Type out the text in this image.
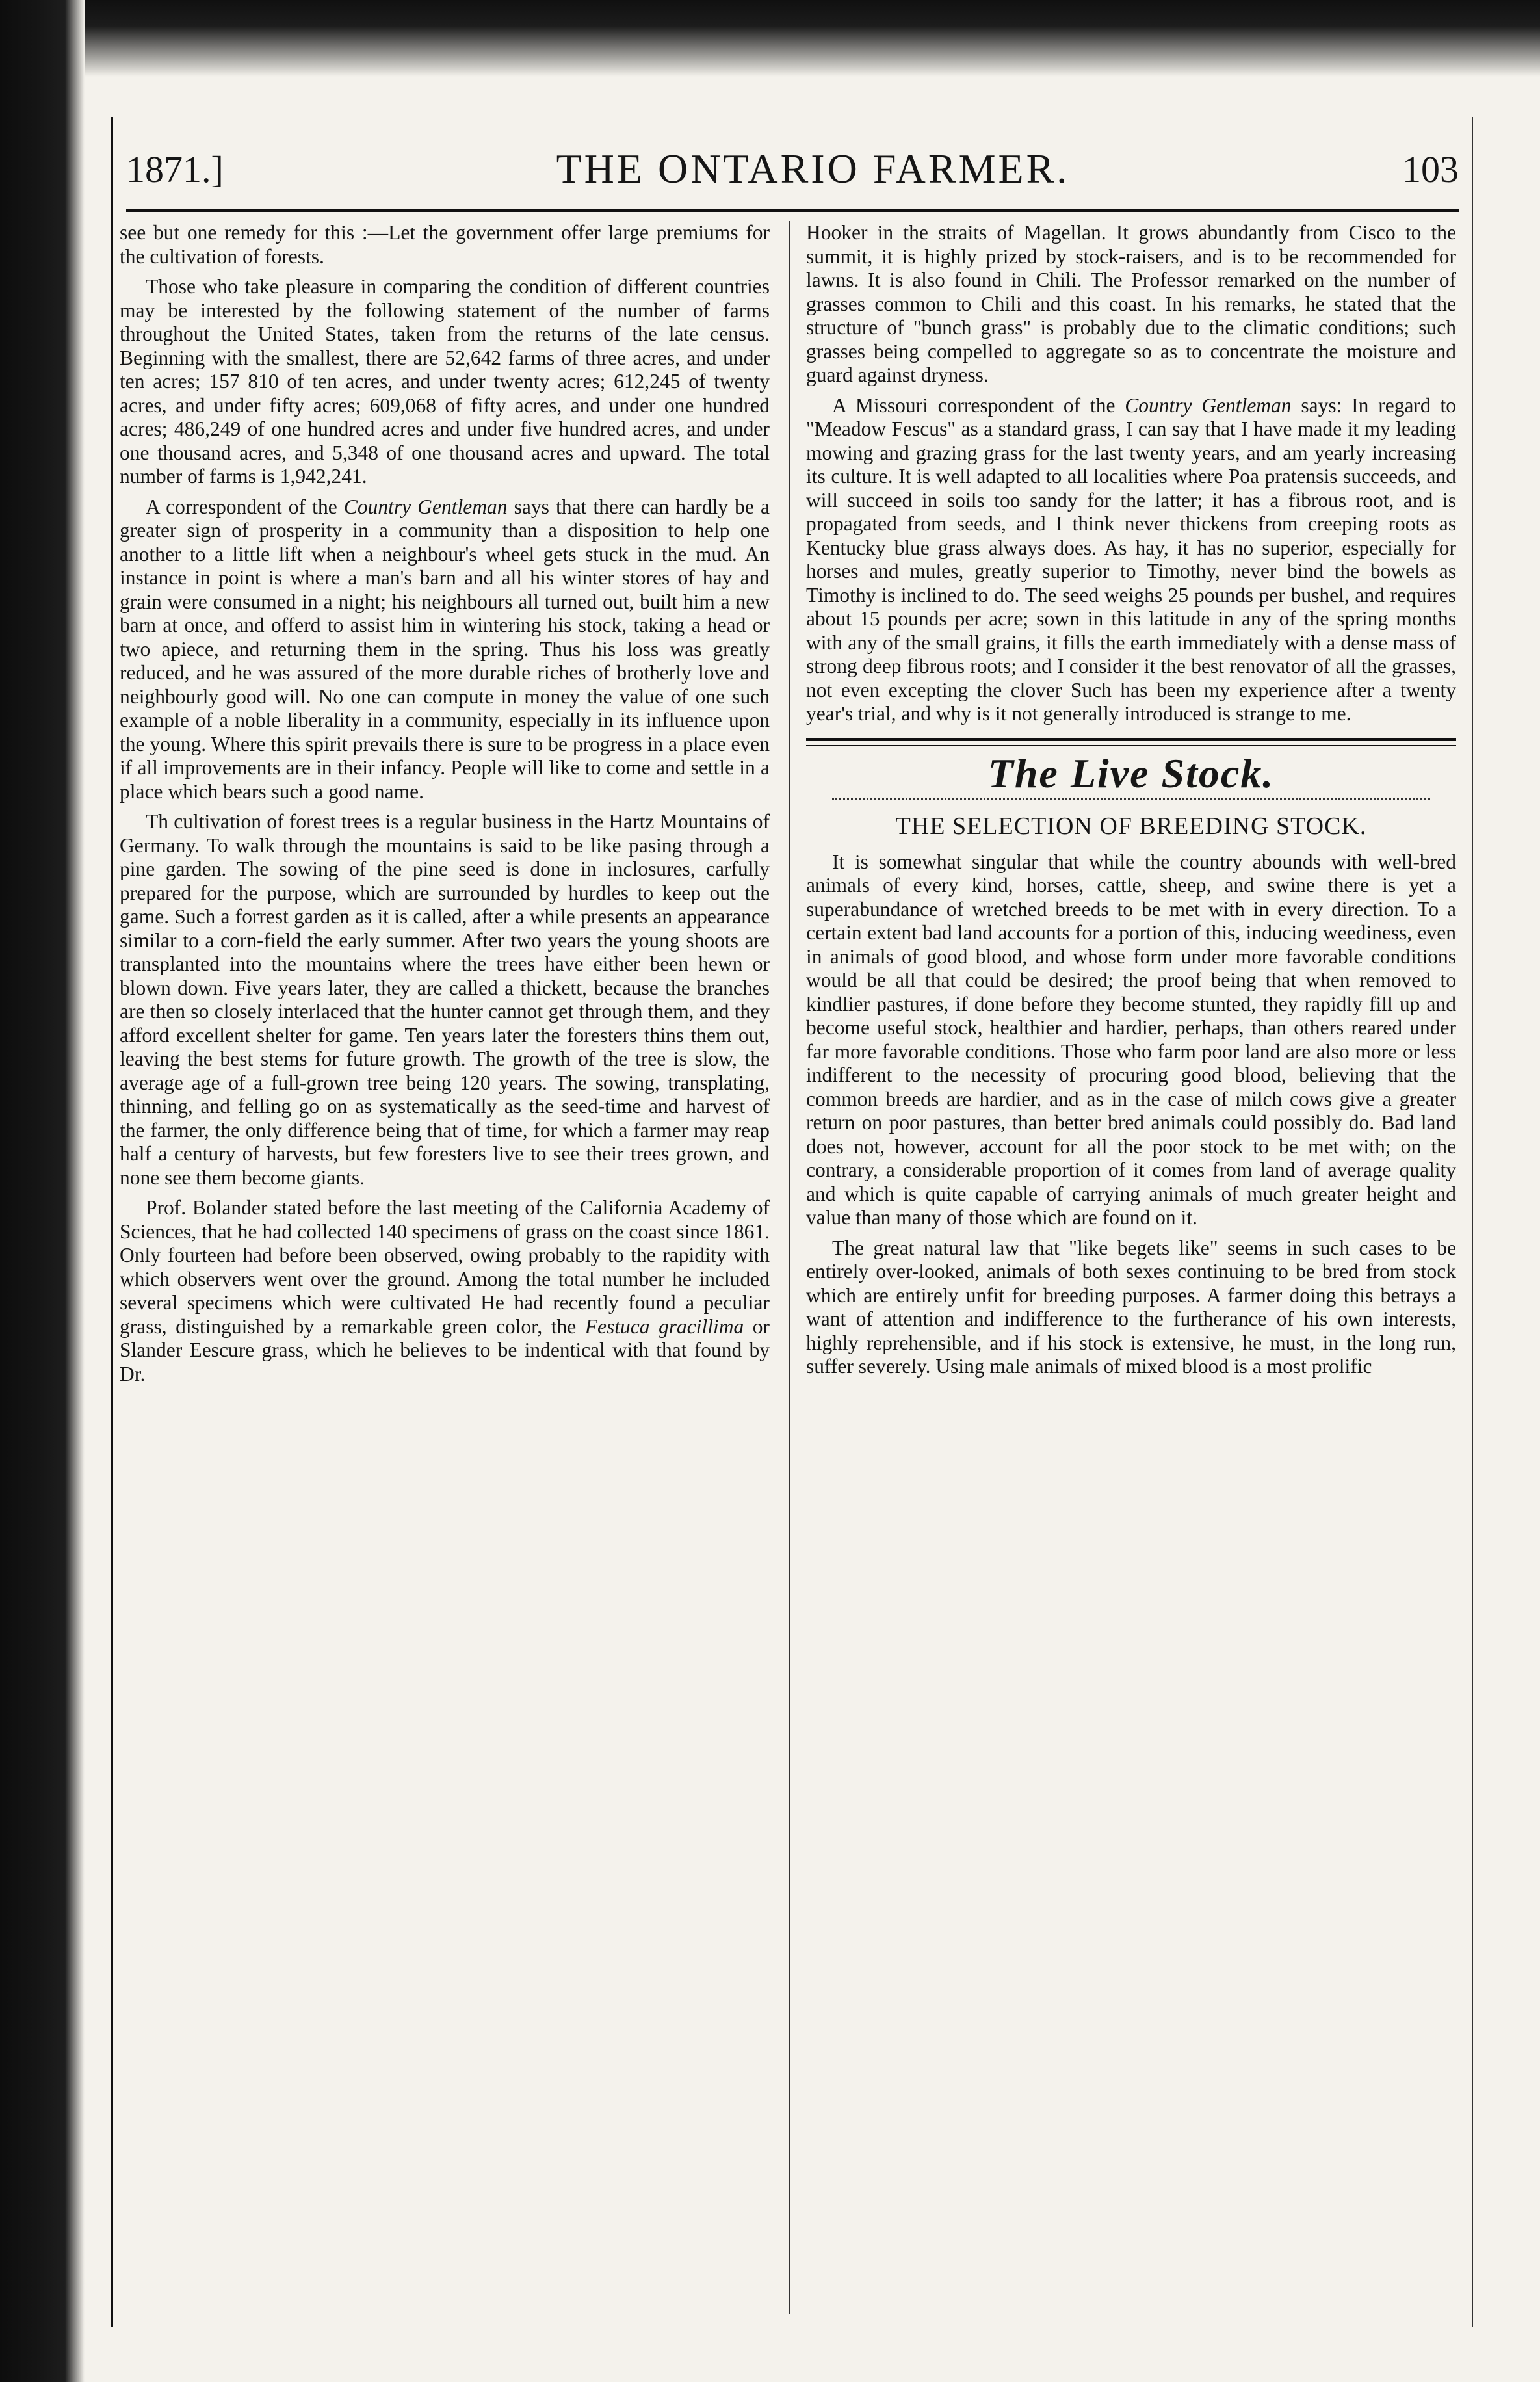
1871.]	THE ONTARIO FARMER.	103

see but one remedy for this :—Let the government offer large premiums for the cultivation of forests.

Those who take pleasure in comparing the condition of different countries may be interested by the following statement of the number of farms throughout the United States, taken from the returns of the late census. Beginning with the smallest, there are 52,642 farms of three acres, and under ten acres; 157 810 of ten acres, and under twenty acres; 612,245 of twenty acres, and under fifty acres; 609,068 of fifty acres, and under one hundred acres; 486,249 of one hundred acres and under five hundred acres, and under one thousand acres, and 5,348 of one thousand acres and upward. The total number of farms is 1,942,241.

A correspondent of the Country Gentleman says that there can hardly be a greater sign of prosperity in a community than a disposition to help one another to a little lift when a neighbour's wheel gets stuck in the mud. An instance in point is where a man's barn and all his winter stores of hay and grain were consumed in a night; his neighbours all turned out, built him a new barn at once, and offerd to assist him in wintering his stock, taking a head or two apiece, and returning them in the spring. Thus his loss was greatly reduced, and he was assured of the more durable riches of brotherly love and neighbourly good will. No one can compute in money the value of one such example of a noble liberality in a community, especially in its influence upon the young. Where this spirit prevails there is sure to be progress in a place even if all improvements are in their infancy. People will like to come and settle in a place which bears such a good name.

Th cultivation of forest trees is a regular business in the Hartz Mountains of Germany. To walk through the mountains is said to be like pasing through a pine garden. The sowing of the pine seed is done in inclosures, carfully prepared for the purpose, which are surrounded by hurdles to keep out the game. Such a forrest garden as it is called, after a while presents an appearance similar to a corn-field the early summer. After two years the young shoots are transplanted into the mountains where the trees have either been hewn or blown down. Five years later, they are called a thickett, because the branches are then so closely interlaced that the hunter cannot get through them, and they afford excellent shelter for game. Ten years later the foresters thins them out, leaving the best stems for future growth. The growth of the tree is slow, the average age of a full-grown tree being 120 years. The sowing, transplating, thinning, and felling go on as systematically as the seed-time and harvest of the farmer, the only difference being that of time, for which a farmer may reap half a century of harvests, but few foresters live to see their trees grown, and none see them become giants.

Prof. Bolander stated before the last meeting of the California Academy of Sciences, that he had collected 140 specimens of grass on the coast since 1861. Only fourteen had before been observed, owing probably to the rapidity with which observers went over the ground. Among the total number he included several specimens which were cultivated He had recently found a peculiar grass, distinguished by a remarkable green color, the Festuca gracillima or Slander Eescure grass, which he believes to be indentical with that found by Dr.

Hooker in the straits of Magellan. It grows abundantly from Cisco to the summit, it is highly prized by stock-raisers, and is to be recommended for lawns. It is also found in Chili. The Professor remarked on the number of grasses common to Chili and this coast. In his remarks, he stated that the structure of "bunch grass" is probably due to the climatic conditions; such grasses being compelled to aggregate so as to concentrate the moisture and guard against dryness.

A Missouri correspondent of the Country Gentleman says: In regard to "Meadow Fescus" as a standard grass, I can say that I have made it my leading mowing and grazing grass for the last twenty years, and am yearly increasing its culture. It is well adapted to all localities where Poa pratensis succeeds, and will succeed in soils too sandy for the latter; it has a fibrous root, and is propagated from seeds, and I think never thickens from creeping roots as Kentucky blue grass always does. As hay, it has no superior, especially for horses and mules, greatly superior to Timothy, never bind the bowels as Timothy is inclined to do. The seed weighs 25 pounds per bushel, and requires about 15 pounds per acre; sown in this latitude in any of the spring months with any of the small grains, it fills the earth immediately with a dense mass of strong deep fibrous roots; and I consider it the best renovator of all the grasses, not even excepting the clover Such has been my experience after a twenty year's trial, and why is it not generally introduced is strange to me.

The Live Stock.
THE SELECTION OF BREEDING STOCK.

It is somewhat singular that while the country abounds with well-bred animals of every kind, horses, cattle, sheep, and swine there is yet a superabundance of wretched breeds to be met with in every direction. To a certain extent bad land accounts for a portion of this, inducing weediness, even in animals of good blood, and whose form under more favorable conditions would be all that could be desired; the proof being that when removed to kindlier pastures, if done before they become stunted, they rapidly fill up and become useful stock, healthier and hardier, perhaps, than others reared under far more favorable conditions. Those who farm poor land are also more or less indifferent to the necessity of procuring good blood, believing that the common breeds are hardier, and as in the case of milch cows give a greater return on poor pastures, than better bred animals could possibly do. Bad land does not, however, account for all the poor stock to be met with; on the contrary, a considerable proportion of it comes from land of average quality and which is quite capable of carrying animals of much greater height and value than many of those which are found on it.

The great natural law that "like begets like" seems in such cases to be entirely over-looked, animals of both sexes continuing to be bred from stock which are entirely unfit for breeding purposes. A farmer doing this betrays a want of attention and indifference to the furtherance of his own interests, highly reprehensible, and if his stock is extensive, he must, in the long run, suffer severely. Using male animals of mixed blood is a most prolific
